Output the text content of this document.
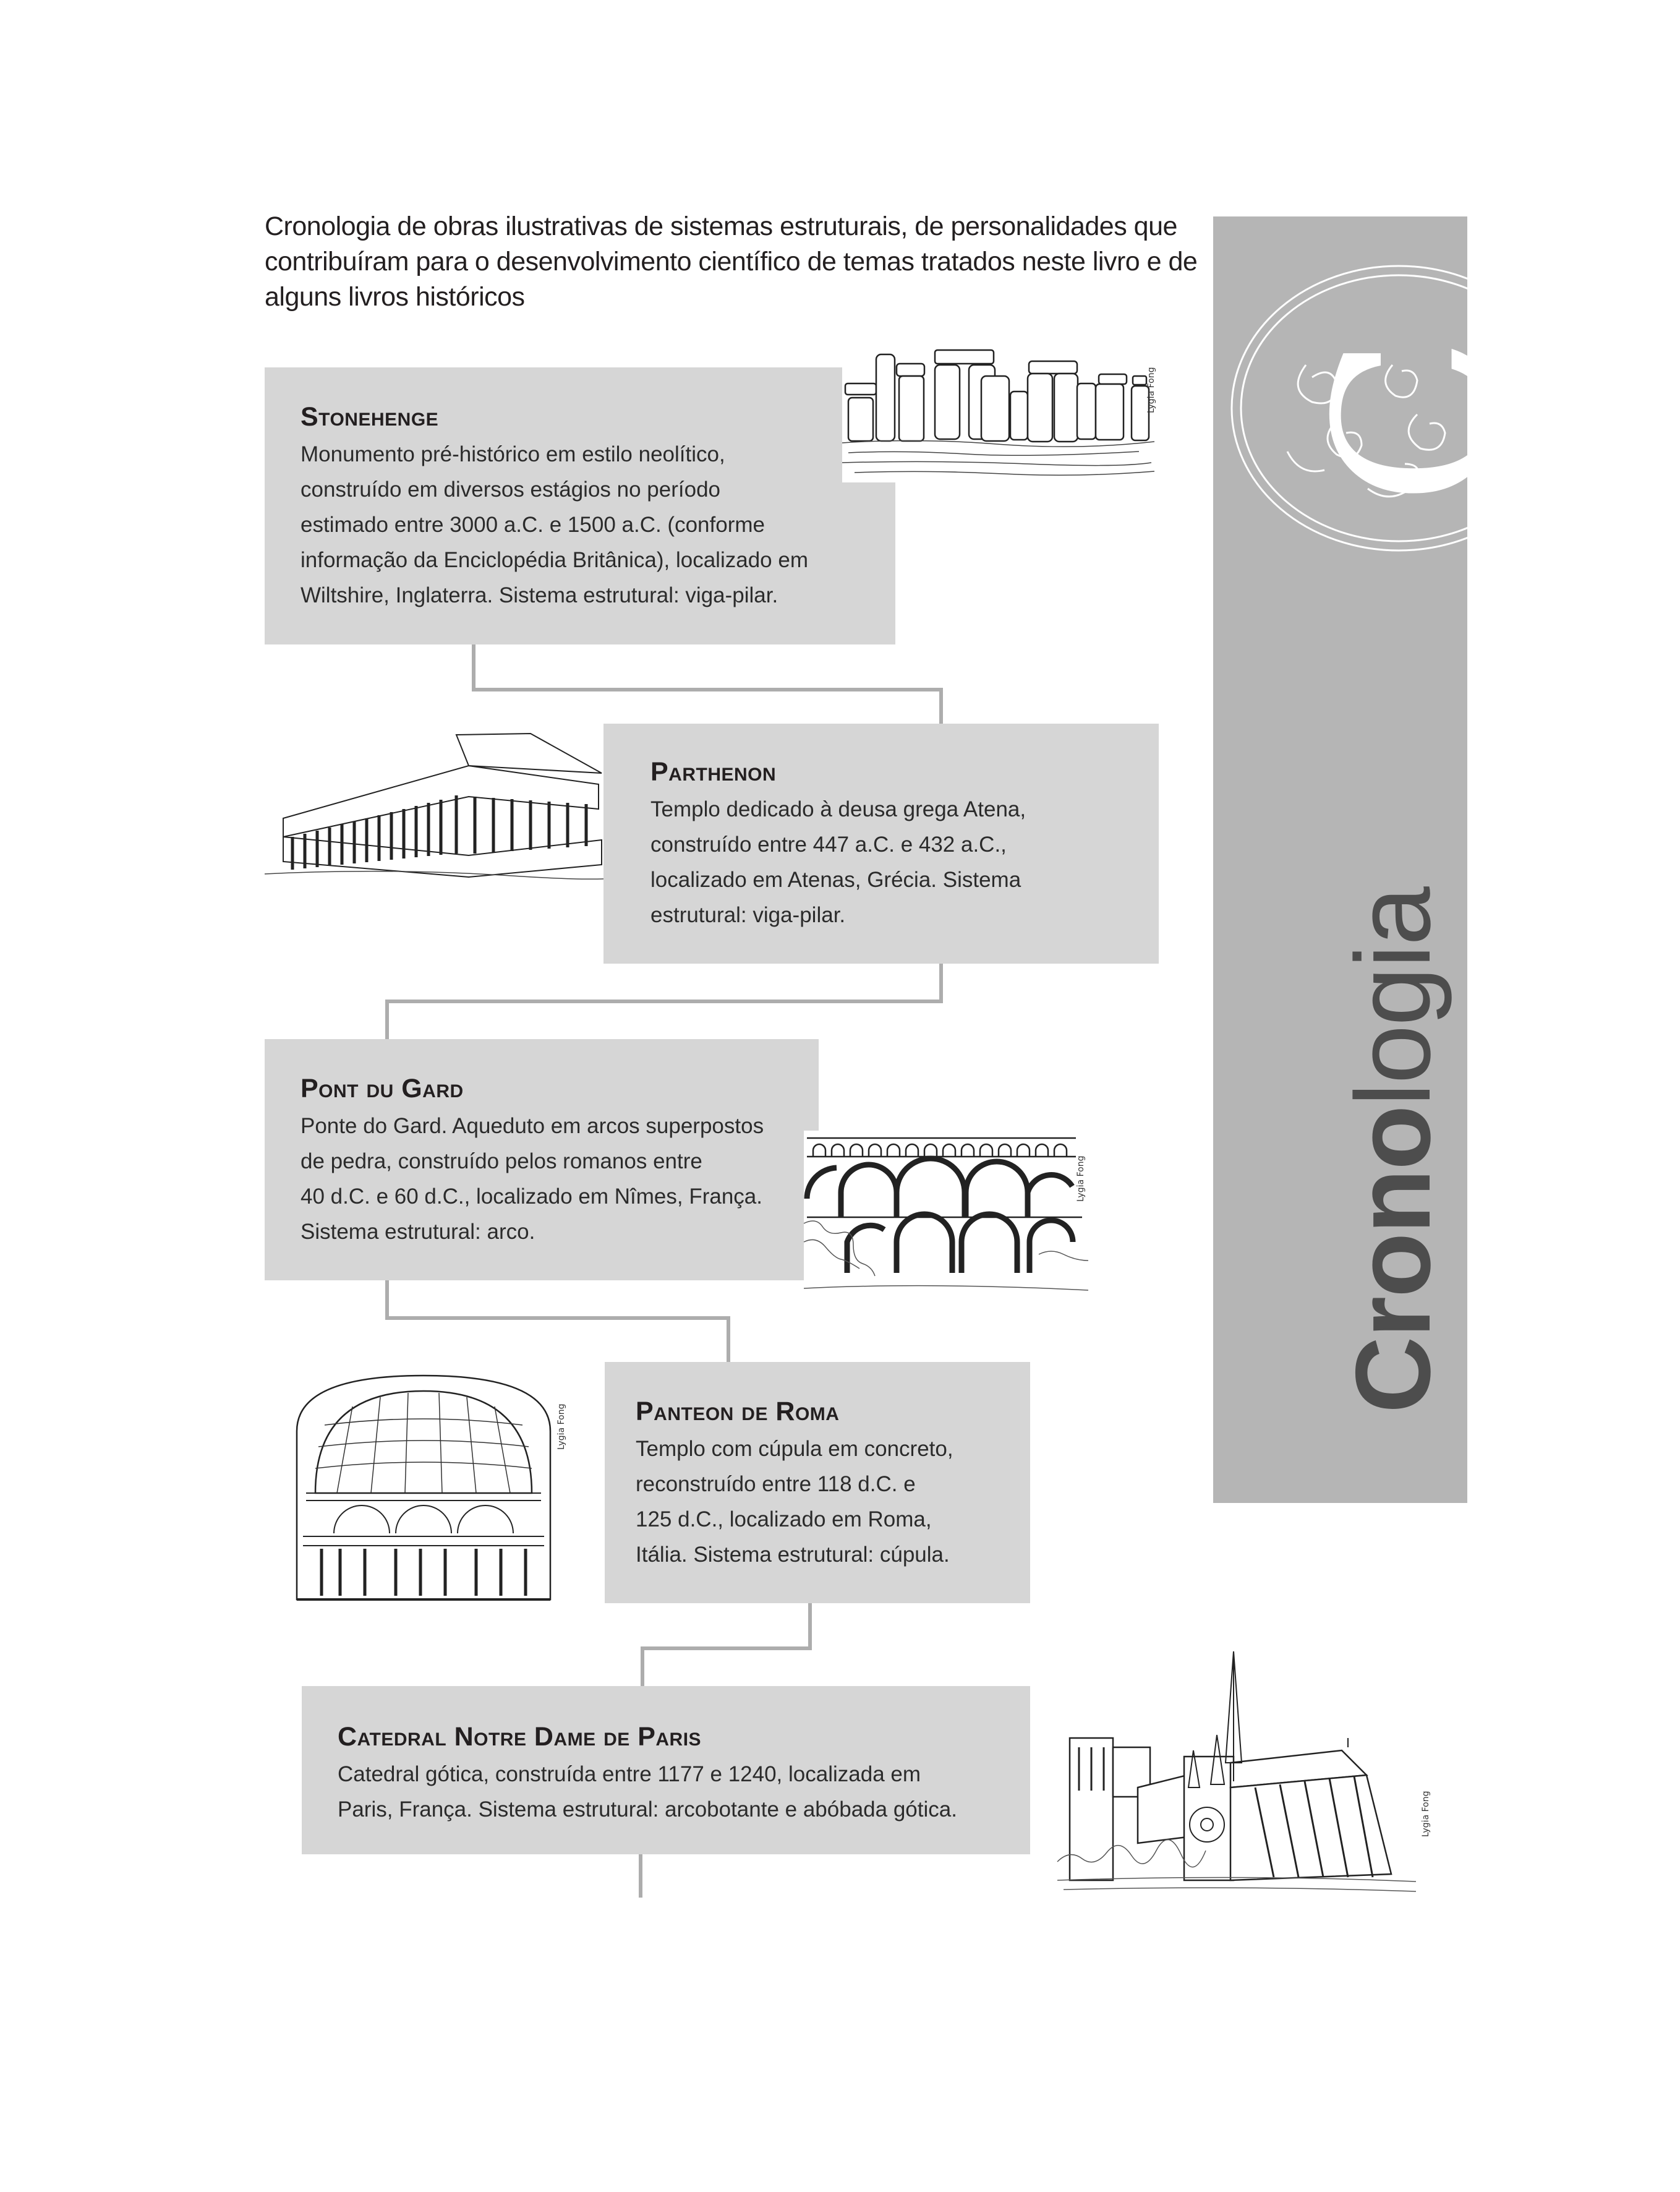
Cronologia de obras ilustrativas de sistemas estruturais, de personalidades que contribuíram para o desenvolvimento científico de temas tratados neste livro e de alguns livros históricos

Stonehenge

Monumento pré-histórico em estilo neolítico,
construído em diversos estágios no período
estimado entre 3000 a.C. e 1500 a.C. (conforme
informação da Enciclopédia Britânica), localizado em
Wiltshire, Inglaterra. Sistema estrutural: viga-pilar.

Lygia Fong
Parthenon

Templo dedicado à deusa grega Atena,
construído entre 447 a.C. e 432 a.C.,
localizado em Atenas, Grécia. Sistema
estrutural: viga-pilar.

Pont du Gard

Ponte do Gard. Aqueduto em arcos superpostos
de pedra, construído pelos romanos entre
40 d.C. e 60 d.C., localizado em Nîmes, França.
Sistema estrutural: arco.

Lygia Fong
Lygia Fong	Panteon de Roma

Templo com cúpula em concreto,
reconstruído entre 118 d.C. e
125 d.C., localizado em Roma,
Itália. Sistema estrutural: cúpula.

Catedral Notre Dame de Paris

Catedral gótica, construída entre 1177 e 1240, localizada em
Paris, França. Sistema estrutural: arcobotante e abóbada gótica.	Lygia Fong
C
Cronologia
